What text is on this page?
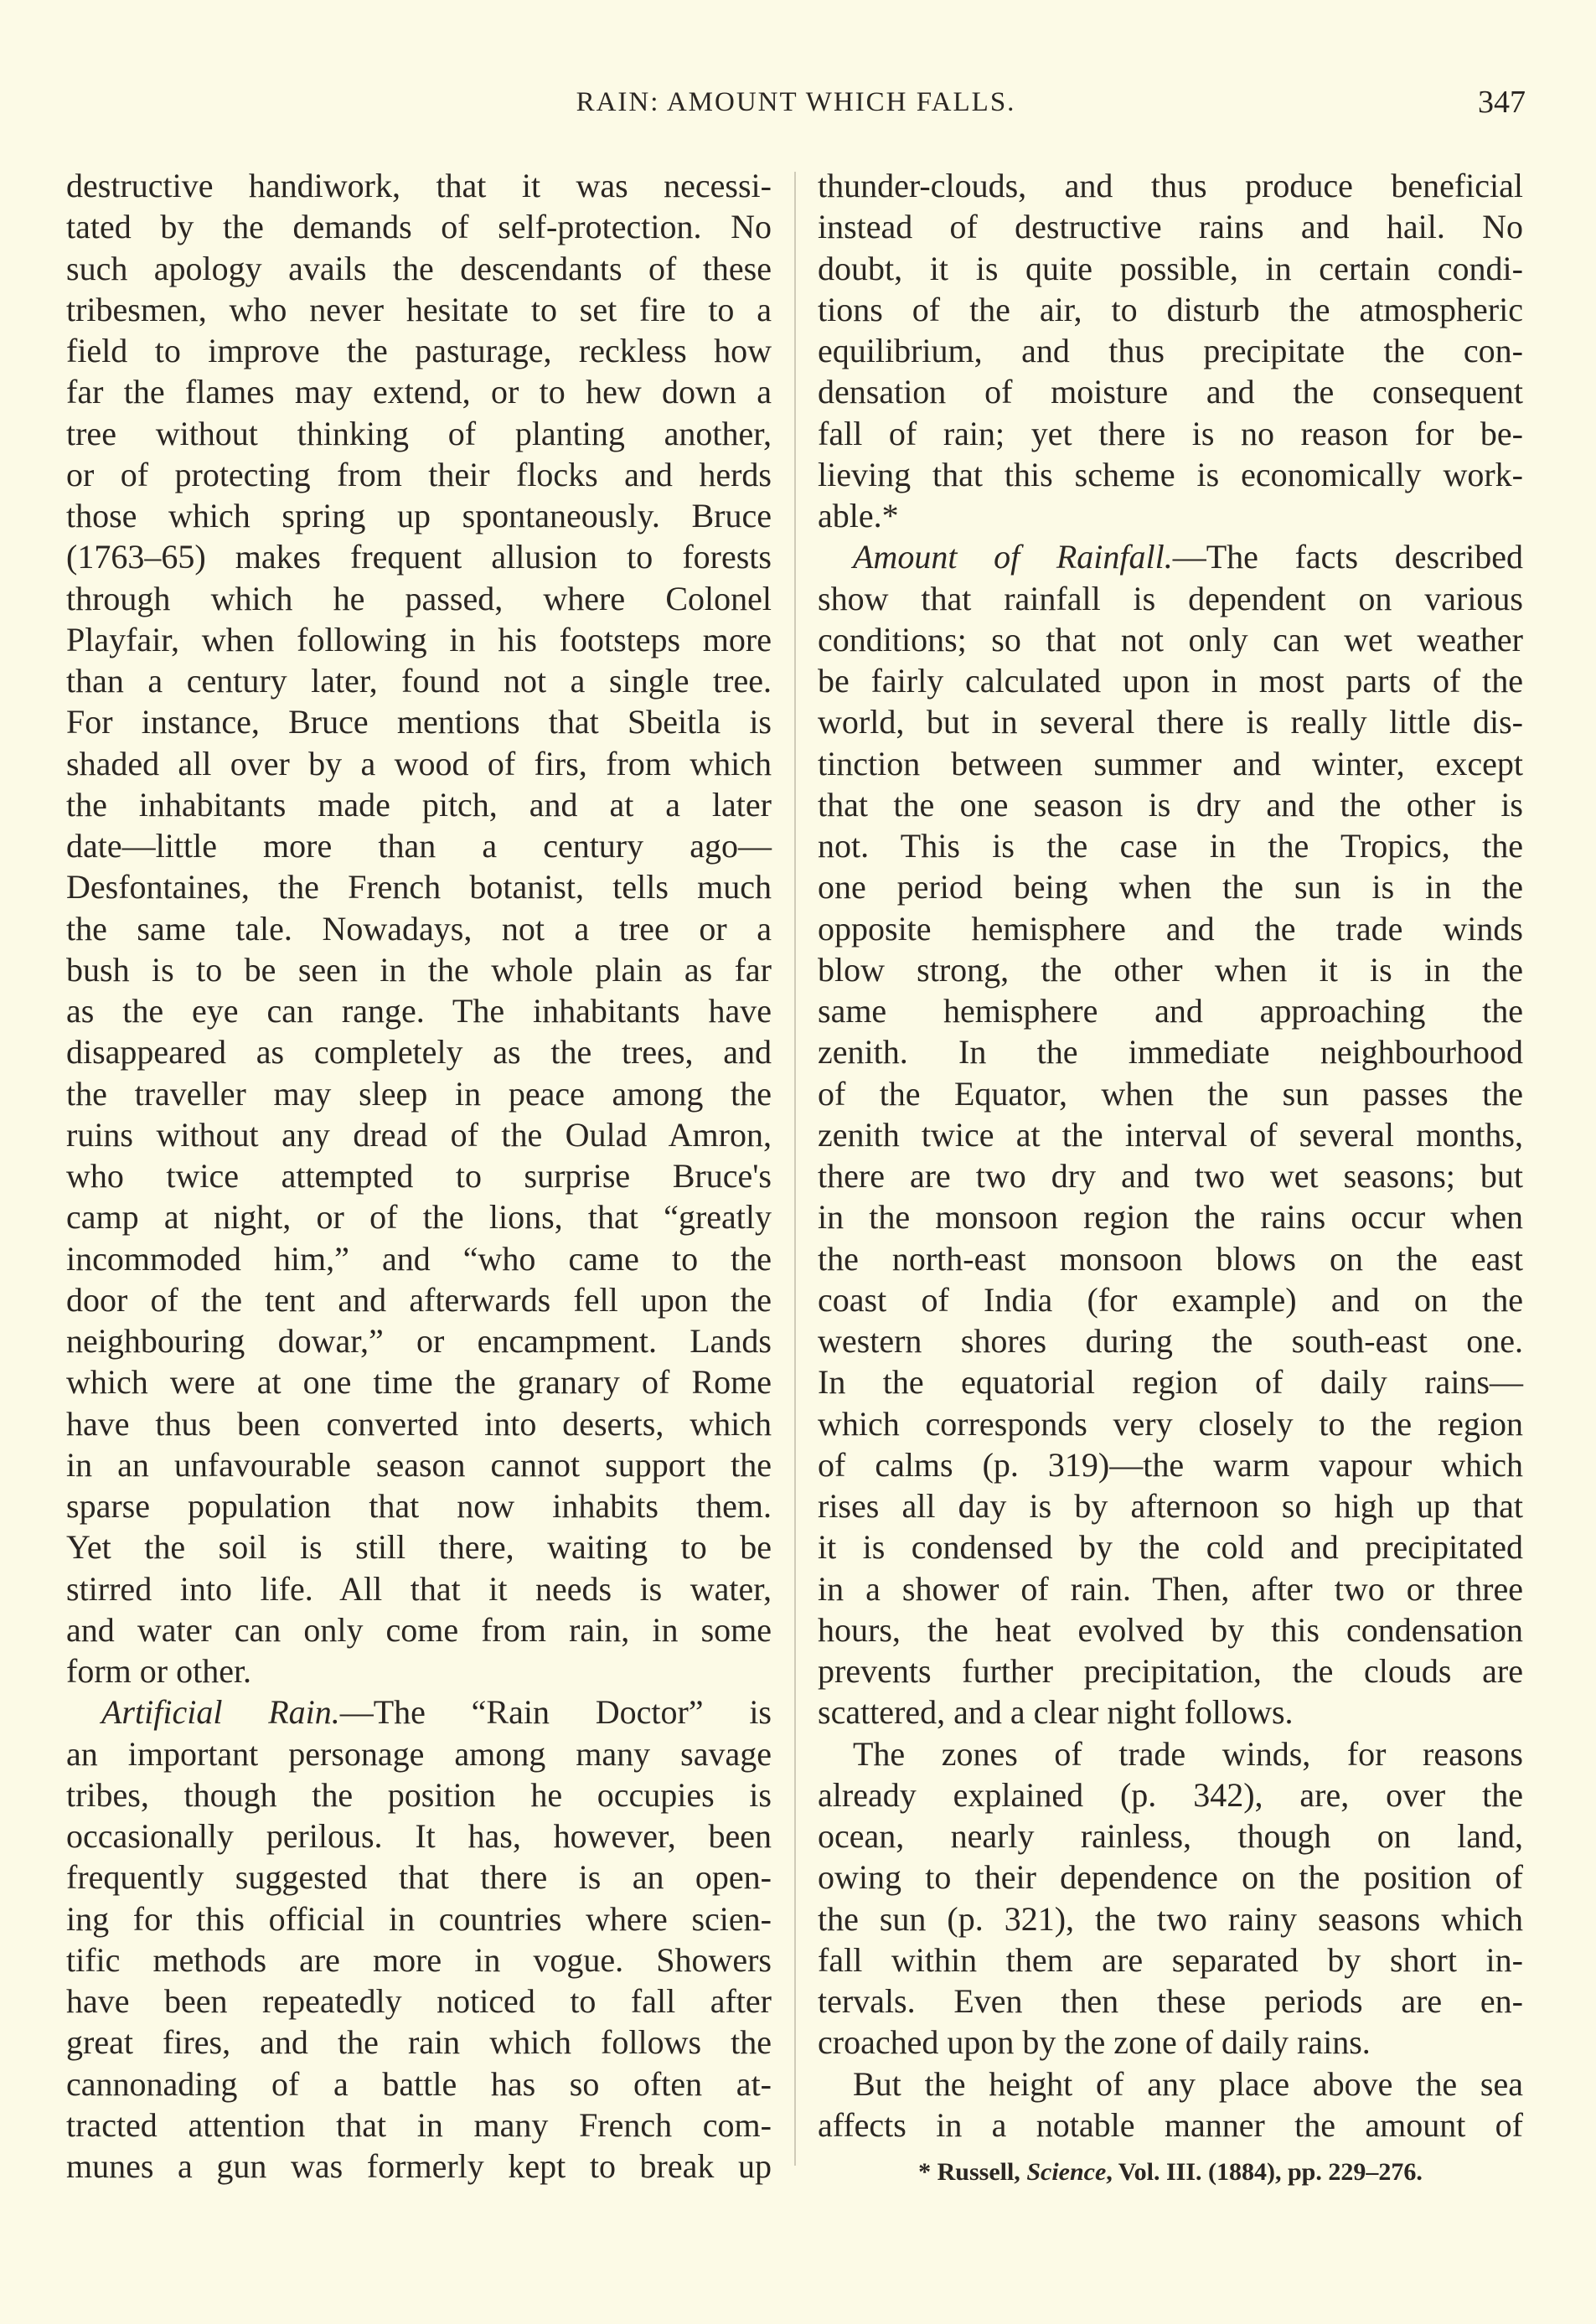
RAIN: AMOUNT WHICH FALLS.	347
destructive handiwork, that it was necessi-
tated by the demands of self-protection. No
such apology avails the descendants of these
tribesmen, who never hesitate to set fire to a
field to improve the pasturage, reckless how
far the flames may extend, or to hew down a
tree without thinking of planting another,
or of protecting from their flocks and herds
those which spring up spontaneously. Bruce
(1763–65) makes frequent allusion to forests
through which he passed, where Colonel
Playfair, when following in his footsteps more
than a century later, found not a single tree.
For instance, Bruce mentions that Sbeitla is
shaded all over by a wood of firs, from which
the inhabitants made pitch, and at a later
date—little more than a century ago—
Desfontaines, the French botanist, tells much
the same tale. Nowadays, not a tree or a
bush is to be seen in the whole plain as far
as the eye can range. The inhabitants have
disappeared as completely as the trees, and
the traveller may sleep in peace among the
ruins without any dread of the Oulad Amron,
who twice attempted to surprise Bruce's
camp at night, or of the lions, that “greatly
incommoded him,” and “who came to the
door of the tent and afterwards fell upon the
neighbouring dowar,” or encampment. Lands
which were at one time the granary of Rome
have thus been converted into deserts, which
in an unfavourable season cannot support the
sparse population that now inhabits them.
Yet the soil is still there, waiting to be
stirred into life. All that it needs is water,
and water can only come from rain, in some
form or other.
Artificial Rain.—The “Rain Doctor” is
an important personage among many savage
tribes, though the position he occupies is
occasionally perilous. It has, however, been
frequently suggested that there is an open-
ing for this official in countries where scien-
tific methods are more in vogue. Showers
have been repeatedly noticed to fall after
great fires, and the rain which follows the
cannonading of a battle has so often at-
tracted attention that in many French com-
munes a gun was formerly kept to break up
thunder-clouds, and thus produce beneficial
instead of destructive rains and hail. No
doubt, it is quite possible, in certain condi-
tions of the air, to disturb the atmospheric
equilibrium, and thus precipitate the con-
densation of moisture and the consequent
fall of rain; yet there is no reason for be-
lieving that this scheme is economically work-
able.*
Amount of Rainfall.—The facts described
show that rainfall is dependent on various
conditions; so that not only can wet weather
be fairly calculated upon in most parts of the
world, but in several there is really little dis-
tinction between summer and winter, except
that the one season is dry and the other is
not. This is the case in the Tropics, the
one period being when the sun is in the
opposite hemisphere and the trade winds
blow strong, the other when it is in the
same hemisphere and approaching the
zenith. In the immediate neighbourhood
of the Equator, when the sun passes the
zenith twice at the interval of several months,
there are two dry and two wet seasons; but
in the monsoon region the rains occur when
the north-east monsoon blows on the east
coast of India (for example) and on the
western shores during the south-east one.
In the equatorial region of daily rains—
which corresponds very closely to the region
of calms (p. 319)—the warm vapour which
rises all day is by afternoon so high up that
it is condensed by the cold and precipitated
in a shower of rain. Then, after two or three
hours, the heat evolved by this condensation
prevents further precipitation, the clouds are
scattered, and a clear night follows.
The zones of trade winds, for reasons
already explained (p. 342), are, over the
ocean, nearly rainless, though on land,
owing to their dependence on the position of
the sun (p. 321), the two rainy seasons which
fall within them are separated by short in-
tervals. Even then these periods are en-
croached upon by the zone of daily rains.
But the height of any place above the sea
affects in a notable manner the amount of
* Russell, Science, Vol. III. (1884), pp. 229–276.
